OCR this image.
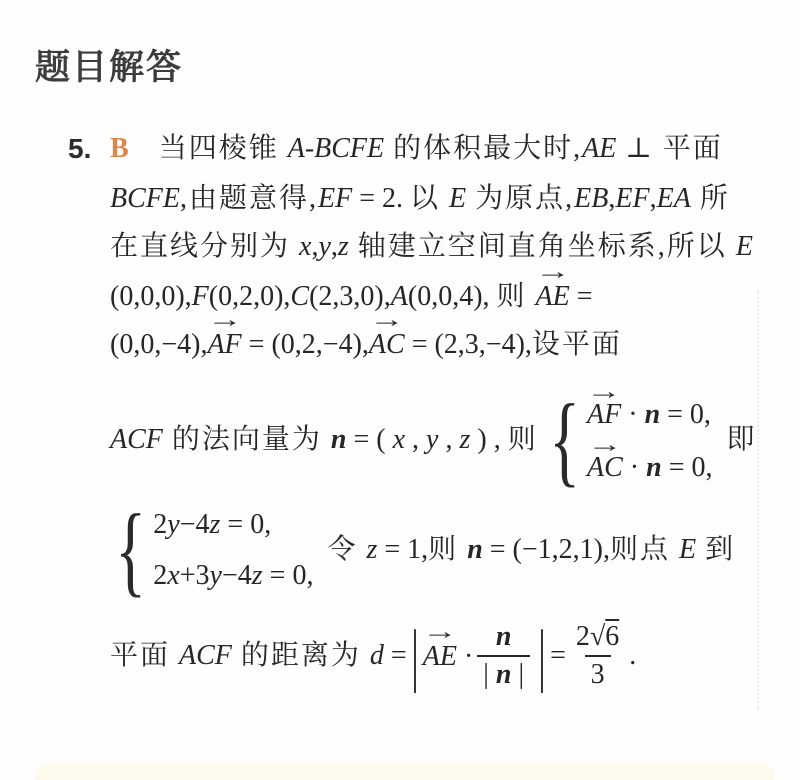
题目解答
5. B 当四棱锥 A-BCFE 的体积最大时,AE ⊥ 平面
BCFE,由题意得,EF = 2. 以 E 为原点,EB,EF,EA 所
在直线分别为 x,y,z 轴建立空间直角坐标系,所以 E
(0,0,0),F(0,2,0),C(2,3,0),A(0,0,4), 则
→
AE =
(0,0,−4),
→
AF = (0,2,−4),
→
AC = (2,3,−4),设平面
ACF 的法向量为 n = ( x , y , z ) , 则 { →
AF · n = 0,
→
AC · n = 0,
即
{ 2y−4z = 0,
2x+3y−4z = 0,
令 z = 1,则 n = (−1,2,1),则点 E 到
平面 ACF 的距离为 d = | →
AE · $\frac{n}{| n |}$ | = $\frac{2√6}{3}$ .
